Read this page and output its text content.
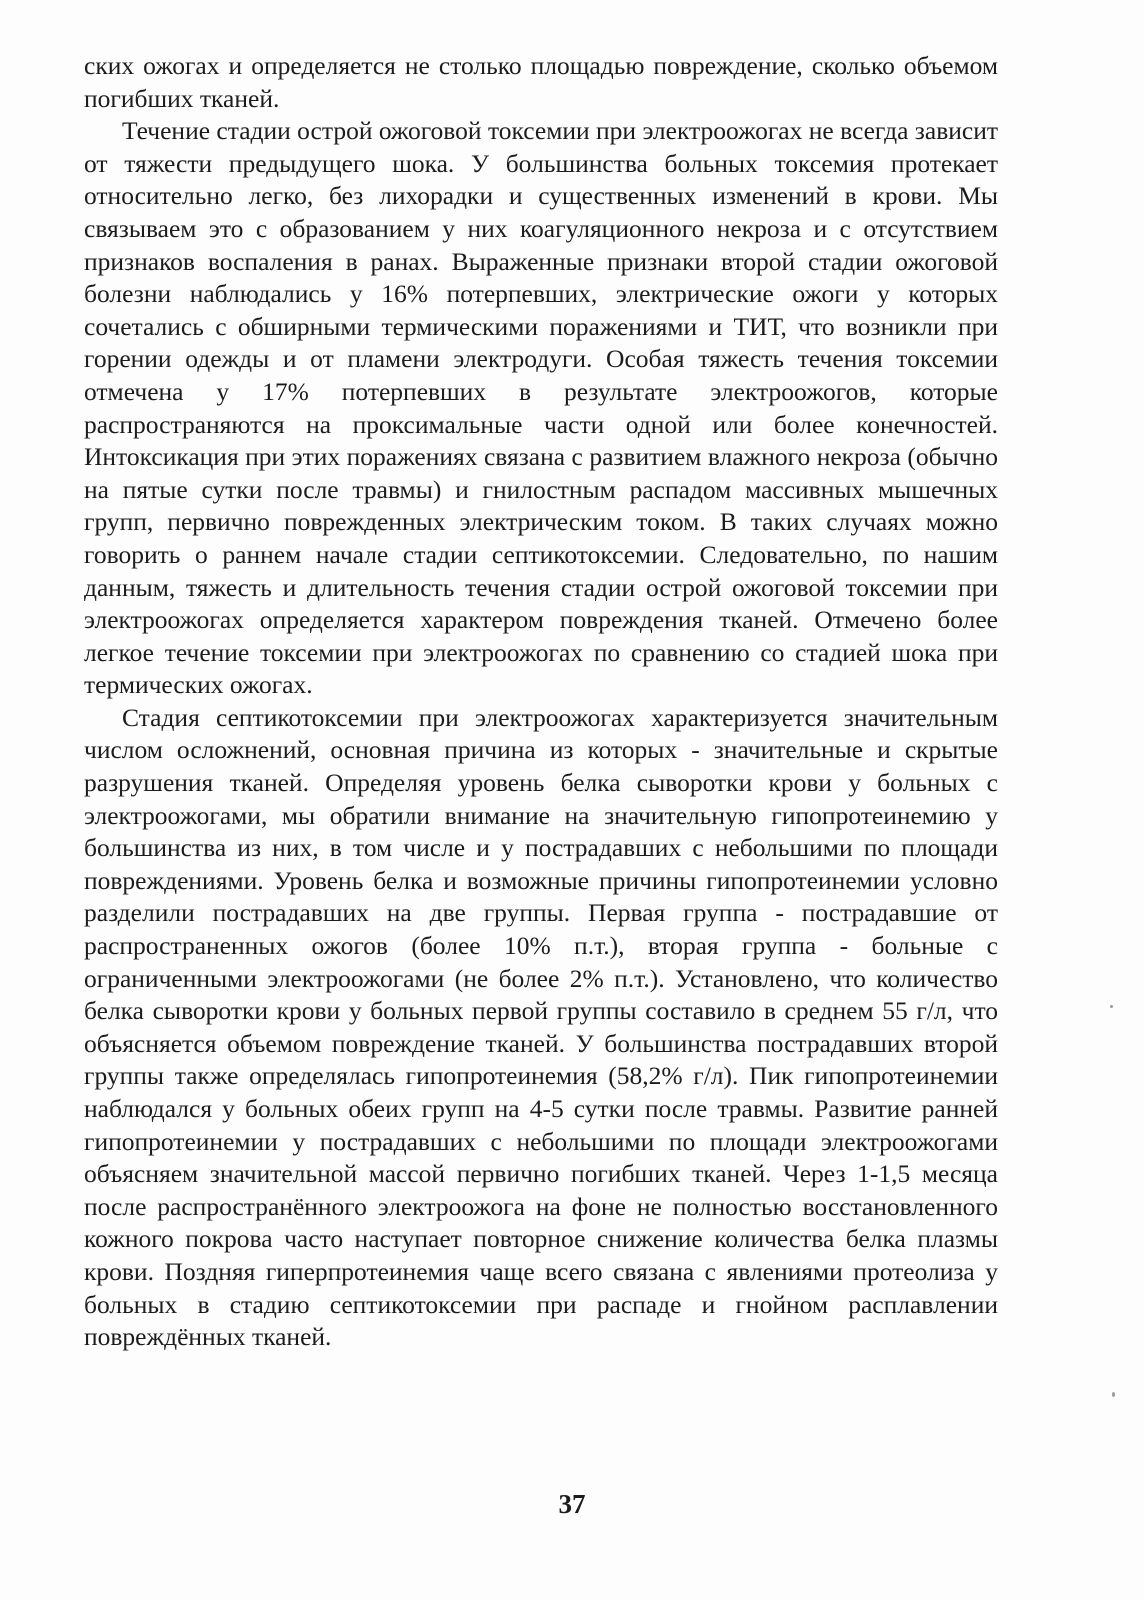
ских ожогах и определяется не столько площадью повреждение, сколько объемом погибших тканей.

Течение стадии острой ожоговой токсемии при электроожогах не всегда зависит от тяжести предыдущего шока. У большинства больных токсемия протекает относительно легко, без лихорадки и существенных изменений в крови. Мы связываем это с образованием у них коагуляционного некроза и с отсутствием признаков воспаления в ранах. Выраженные признаки второй стадии ожоговой болезни наблюдались у 16% потерпевших, электрические ожоги у которых сочетались с обширными термическими поражениями и ТИТ, что возникли при горении одежды и от пламени электродуги. Особая тяжесть течения токсемии отмечена у 17% потерпевших в результате электроожогов, которые распространяются на проксимальные части одной или более конечностей. Интоксикация при этих поражениях связана с развитием влажного некроза (обычно на пятые сутки после травмы) и гнилостным распадом массивных мышечных групп, первично поврежденных электрическим током. В таких случаях можно говорить о раннем начале стадии септикотоксемии. Следовательно, по нашим данным, тяжесть и длительность течения стадии острой ожоговой токсемии при электроожогах определяется характером повреждения тканей. Отмечено более легкое течение токсемии при электроожогах по сравнению со стадией шока при термических ожогах.

Стадия септикотоксемии при электроожогах характеризуется значительным числом осложнений, основная причина из которых - значительные и скрытые разрушения тканей. Определяя уровень белка сыворотки крови у больных с электроожогами, мы обратили внимание на значительную гипопротеинемию у большинства из них, в том числе и у пострадавших с небольшими по площади повреждениями. Уровень белка и возможные причины гипопротеинемии условно разделили пострадавших на две группы. Первая группа - пострадавшие от распространенных ожогов (более 10% п.т.), вторая группа - больные с ограниченными электроожогами (не более 2% п.т.). Установлено, что количество белка сыворотки крови у больных первой группы составило в среднем 55 г/л, что объясняется объемом повреждение тканей. У большинства пострадавших второй группы также определялась гипопротеинемия (58,2% г/л). Пик гипопротеинемии наблюдался у больных обеих групп на 4-5 сутки после травмы. Развитие ранней гипопротеинемии у пострадавших с небольшими по площади электроожогами объясняем значительной массой первично погибших тканей. Через 1-1,5 месяца после распространённого электроожога на фоне не полностью восстановленного кожного покрова часто наступает повторное снижение количества белка плазмы крови. Поздняя гиперпротеинемия чаще всего связана с явлениями протеолиза у больных в стадию септикотоксемии при распаде и гнойном расплавлении повреждённых тканей.

37
